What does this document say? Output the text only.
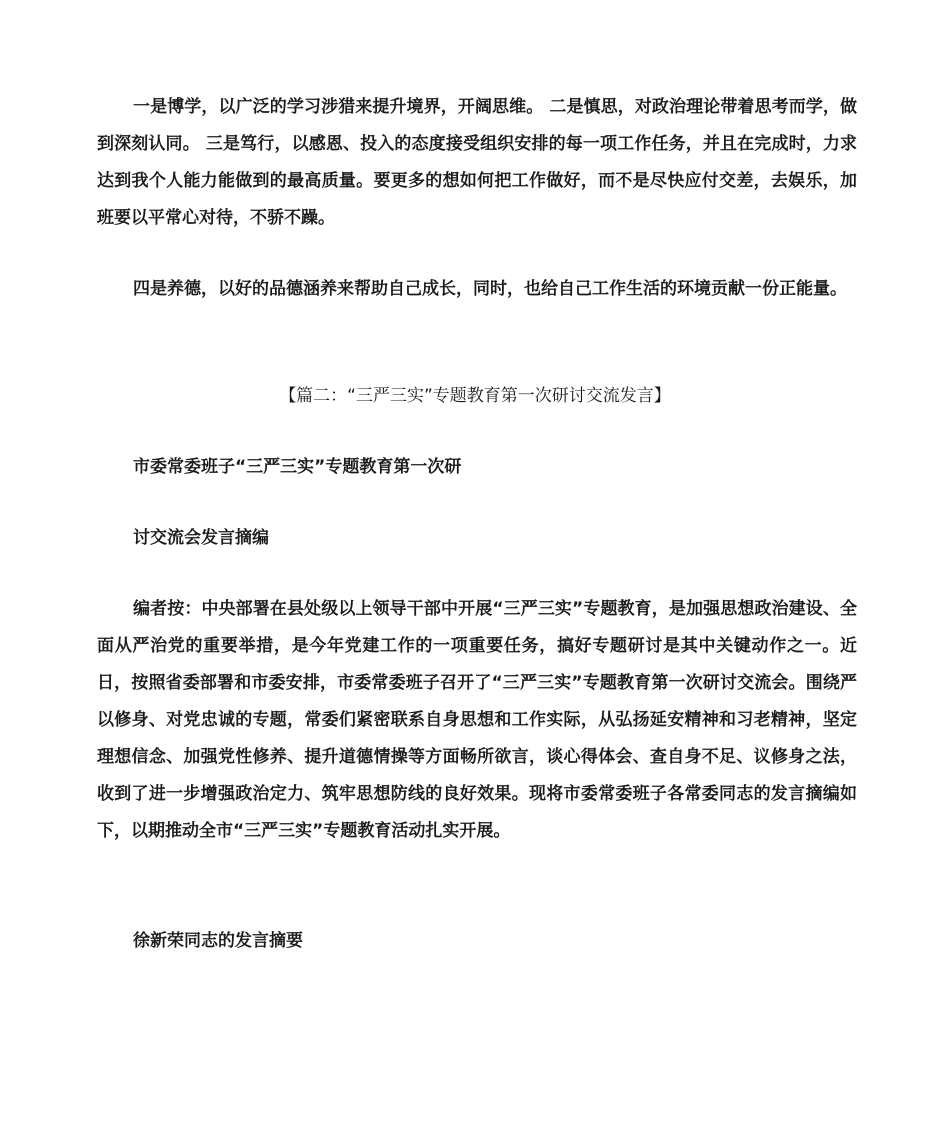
一是博学，以广泛的学习涉猎来提升境界，开阔思维。 二是慎思，对政治理论带着思考而学，做到深刻认同。 三是笃行，以感恩、投入的态度接受组织安排的每一项工作任务，并且在完成时，力求达到我个人能力能做到的最高质量。要更多的想如何把工作做好，而不是尽快应付交差，去娱乐，加班要以平常心对待，不骄不躁。

四是养德，以好的品德涵养来帮助自己成长，同时，也给自己工作生活的环境贡献一份正能量。

【篇二：“三严三实”专题教育第一次研讨交流发言】

市委常委班子“三严三实”专题教育第一次研

讨交流会发言摘编

编者按：中央部署在县处级以上领导干部中开展“三严三实”专题教育，是加强思想政治建设、全面从严治党的重要举措，是今年党建工作的一项重要任务，搞好专题研讨是其中关键动作之一。近日，按照省委部署和市委安排，市委常委班子召开了“三严三实”专题教育第一次研讨交流会。围绕严以修身、对党忠诚的专题，常委们紧密联系自身思想和工作实际，从弘扬延安精神和习老精神，坚定理想信念、加强党性修养、提升道德情操等方面畅所欲言，谈心得体会、查自身不足、议修身之法，收到了进一步增强政治定力、筑牢思想防线的良好效果。现将市委常委班子各常委同志的发言摘编如下，以期推动全市“三严三实”专题教育活动扎实开展。

徐新荣同志的发言摘要
